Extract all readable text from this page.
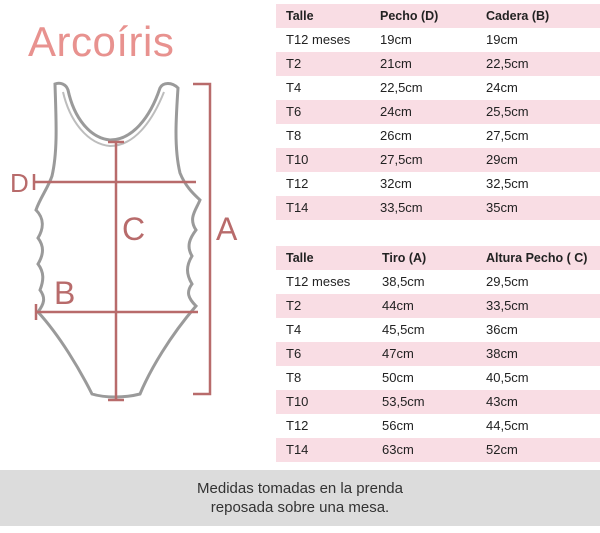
Arcoíris
D
C A
B
Talle	Pecho (D)	Cadera (B)
T12 meses 19cm	19cm
T2	21cm	22,5cm
T4	22,5cm	24cm
T6	24cm	25,5cm
T8	26cm	27,5cm
T10	27,5cm	29cm
T12	32cm	32,5cm
T14	33,5cm	35cm
Talle	Tiro (A)	Altura Pecho ( C)
T12 meses 38,5cm	29,5cm
T2	44cm	33,5cm
T4	45,5cm	36cm
T6	47cm	38cm
T8	50cm	40,5cm
T10	53,5cm	43cm
T12	56cm	44,5cm
T14	63cm	52cm
Medidas tomadas en la prenda
reposada sobre una mesa.
